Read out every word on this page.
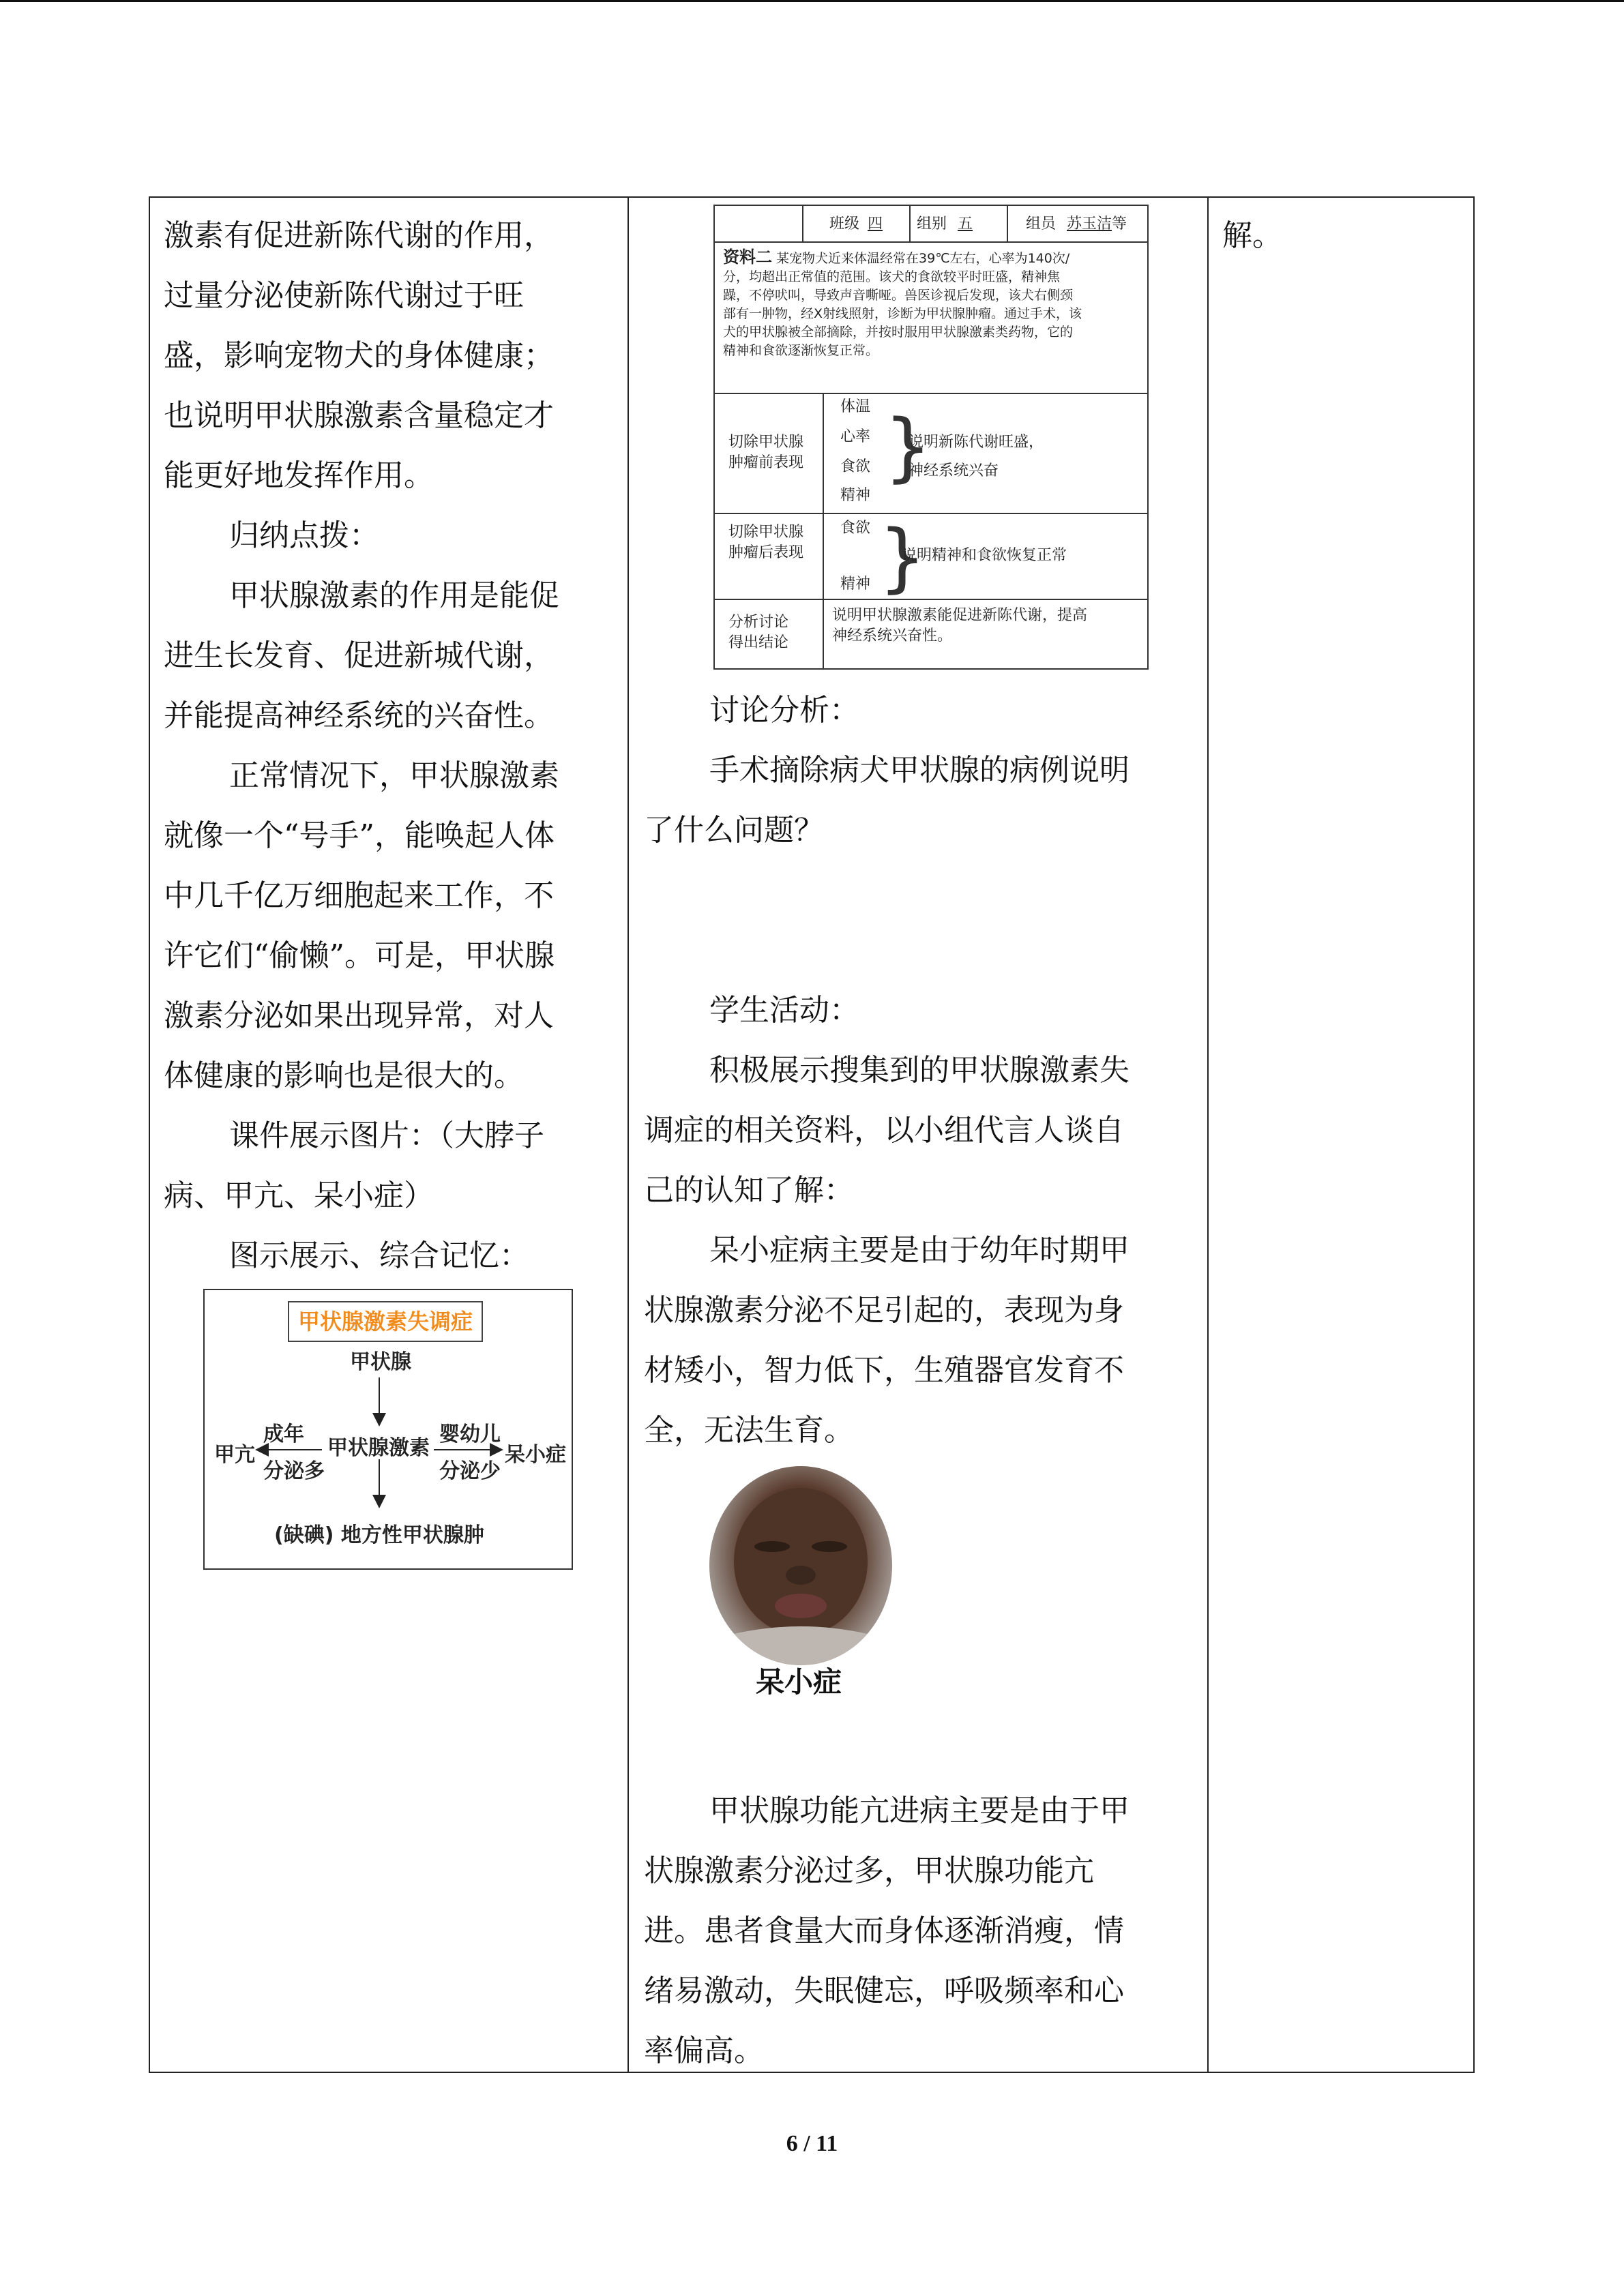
激素有促进新陈代谢的作用，

过量分泌使新陈代谢过于旺

盛，影响宠物犬的身体健康；

也说明甲状腺激素含量稳定才

能更好地发挥作用。

归纳点拨：

甲状腺激素的作用是能促

进生长发育、促进新城代谢，

并能提高神经系统的兴奋性。

正常情况下，甲状腺激素

就像一个“号手”，能唤起人体

中几千亿万细胞起来工作，不

许它们“偷懒”。可是，甲状腺

激素分泌如果出现异常，对人

体健康的影响也是很大的。

课件展示图片：（大脖子

病、甲亢、呆小症）

图示展示、综合记忆：

甲状腺激素失调症
甲状腺
成年
分泌多
甲亢	甲状腺激素
婴幼儿
分泌少
呆小症
(缺碘) 地方性甲状腺肿
班级 四 组别 五	组员 苏玉洁 等
资料二 某宠物犬近来体温经常在39℃左右，心率为140次/
分，均超出正常值的范围。该犬的食欲较平时旺盛，精神焦
躁，不停吠叫，导致声音嘶哑。兽医诊视后发现，该犬右侧颈
部有一肿物，经X射线照射，诊断为甲状腺肿瘤。通过手术，该
犬的甲状腺被全部摘除，并按时服用甲状腺激素类药物，它的
精神和食欲逐渐恢复正常。
切除甲状腺
肿瘤前表现
体温
心率
食欲
精神
}
说明新陈代谢旺盛，
神经系统兴奋
切除甲状腺
肿瘤后表现
食欲
精神 }
说明精神和食欲恢复正常
分析讨论
得出结论
说明甲状腺激素能促进新陈代谢，提高
神经系统兴奋性。

讨论分析：

手术摘除病犬甲状腺的病例说明

了什么问题？

学生活动：

积极展示搜集到的甲状腺激素失

调症的相关资料，以小组代言人谈自

己的认知了解：

呆小症病主要是由于幼年时期甲

状腺激素分泌不足引起的，表现为身

材矮小，智力低下，生殖器官发育不

全，无法生育。

呆小症

甲状腺功能亢进病主要是由于甲

状腺激素分泌过多，甲状腺功能亢

进。患者食量大而身体逐渐消瘦，情

绪易激动，失眠健忘，呼吸频率和心

率偏高。

解。

6 / 11
